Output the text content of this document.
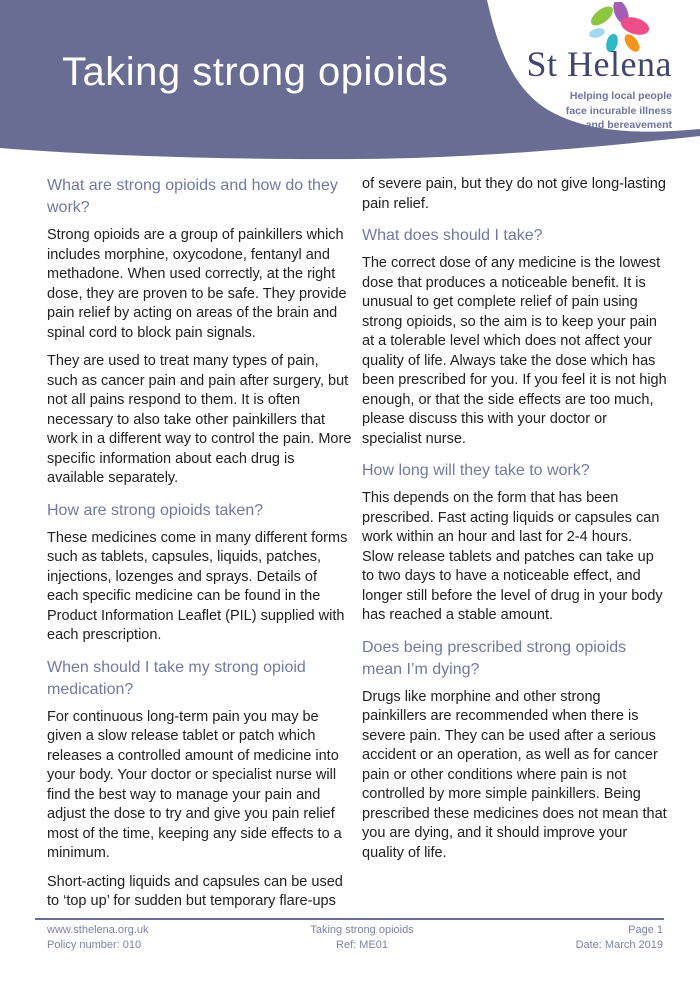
Taking strong opioids St Helena
Helping local people
face incurable illness
and bereavement
What are strong opioids and how do they work?

Strong opioids are a group of painkillers which includes morphine, oxycodone, fentanyl and methadone. When used correctly, at the right dose, they are proven to be safe. They provide pain relief by acting on areas of the brain and spinal cord to block pain signals.

They are used to treat many types of pain, such as cancer pain and pain after surgery, but not all pains respond to them. It is often necessary to also take other painkillers that work in a different way to control the pain. More specific information about each drug is available separately.

How are strong opioids taken?

These medicines come in many different forms such as tablets, capsules, liquids, patches, injections, lozenges and sprays. Details of each specific medicine can be found in the Product Information Leaflet (PIL) supplied with each prescription.

When should I take my strong opioid medication?

For continuous long-term pain you may be given a slow release tablet or patch which releases a controlled amount of medicine into your body. Your doctor or specialist nurse will find the best way to manage your pain and adjust the dose to try and give you pain relief most of the time, keeping any side effects to a minimum.

Short-acting liquids and capsules can be used to ‘top up’ for sudden but temporary flare-ups

of severe pain, but they do not give long-lasting pain relief.

What does should I take?

The correct dose of any medicine is the lowest dose that produces a noticeable benefit. It is unusual to get complete relief of pain using strong opioids, so the aim is to keep your pain at a tolerable level which does not affect your quality of life. Always take the dose which has been prescribed for you. If you feel it is not high enough, or that the side effects are too much, please discuss this with your doctor or specialist nurse.

How long will they take to work?

This depends on the form that has been prescribed. Fast acting liquids or capsules can work within an hour and last for 2-4 hours. Slow release tablets and patches can take up to two days to have a noticeable effect, and longer still before the level of drug in your body has reached a stable amount.

Does being prescribed strong opioids mean I’m dying?

Drugs like morphine and other strong painkillers are recommended when there is severe pain. They can be used after a serious accident or an operation, as well as for cancer pain or other conditions where pain is not controlled by more simple painkillers. Being prescribed these medicines does not mean that you are dying, and it should improve your quality of life.

www.sthelena.org.uk
Policy number: 010
Taking strong opioids
Ref: ME01
Page 1
Date: March 2019
